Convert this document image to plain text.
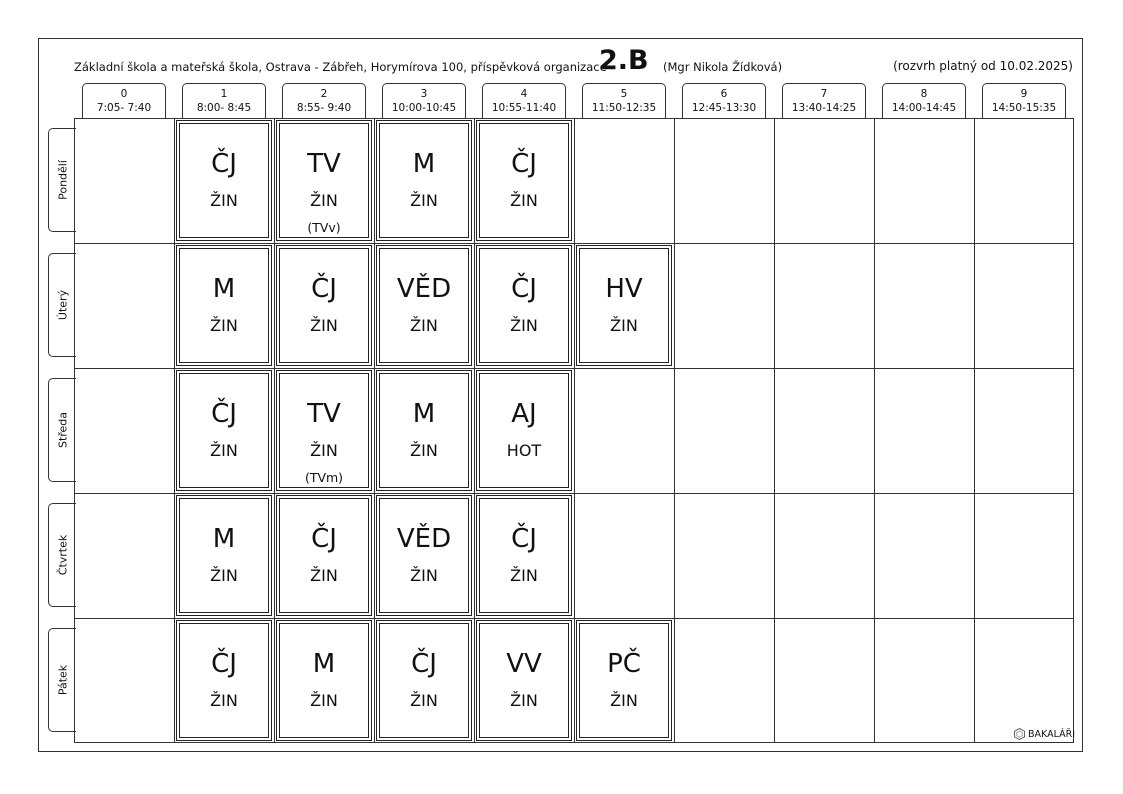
Základní škola a mateřská škola, Ostrava - Zábřeh, Horymírova 100, příspěvková organizace
2.B (Mgr Nikola Žídková)	(rozvrh platný od 10.02.2025)
0
7:05- 7:40
1
8:00- 8:45
2
8:55- 9:40
3
10:00-10:45
4
10:55-11:40
5
11:50-12:35
6
12:45-13:30
7
13:40-14:25
8
14:00-14:45
9
14:50-15:35
Pondělí
Úterý
Středa
Čtvrtek
Pátek
ČJ
ŽIN
TV
ŽIN
(TVv)
M
ŽIN
ČJ
ŽIN
M
ŽIN
ČJ
ŽIN
VĚD
ŽIN
ČJ
ŽIN
HV
ŽIN
ČJ
ŽIN
TV
ŽIN
(TVm)
M
ŽIN
AJ
HOT
M
ŽIN
ČJ
ŽIN
VĚD
ŽIN
ČJ
ŽIN
ČJ
ŽIN
M
ŽIN
ČJ
ŽIN
VV
ŽIN
PČ
ŽIN
BAKALÁŘI
